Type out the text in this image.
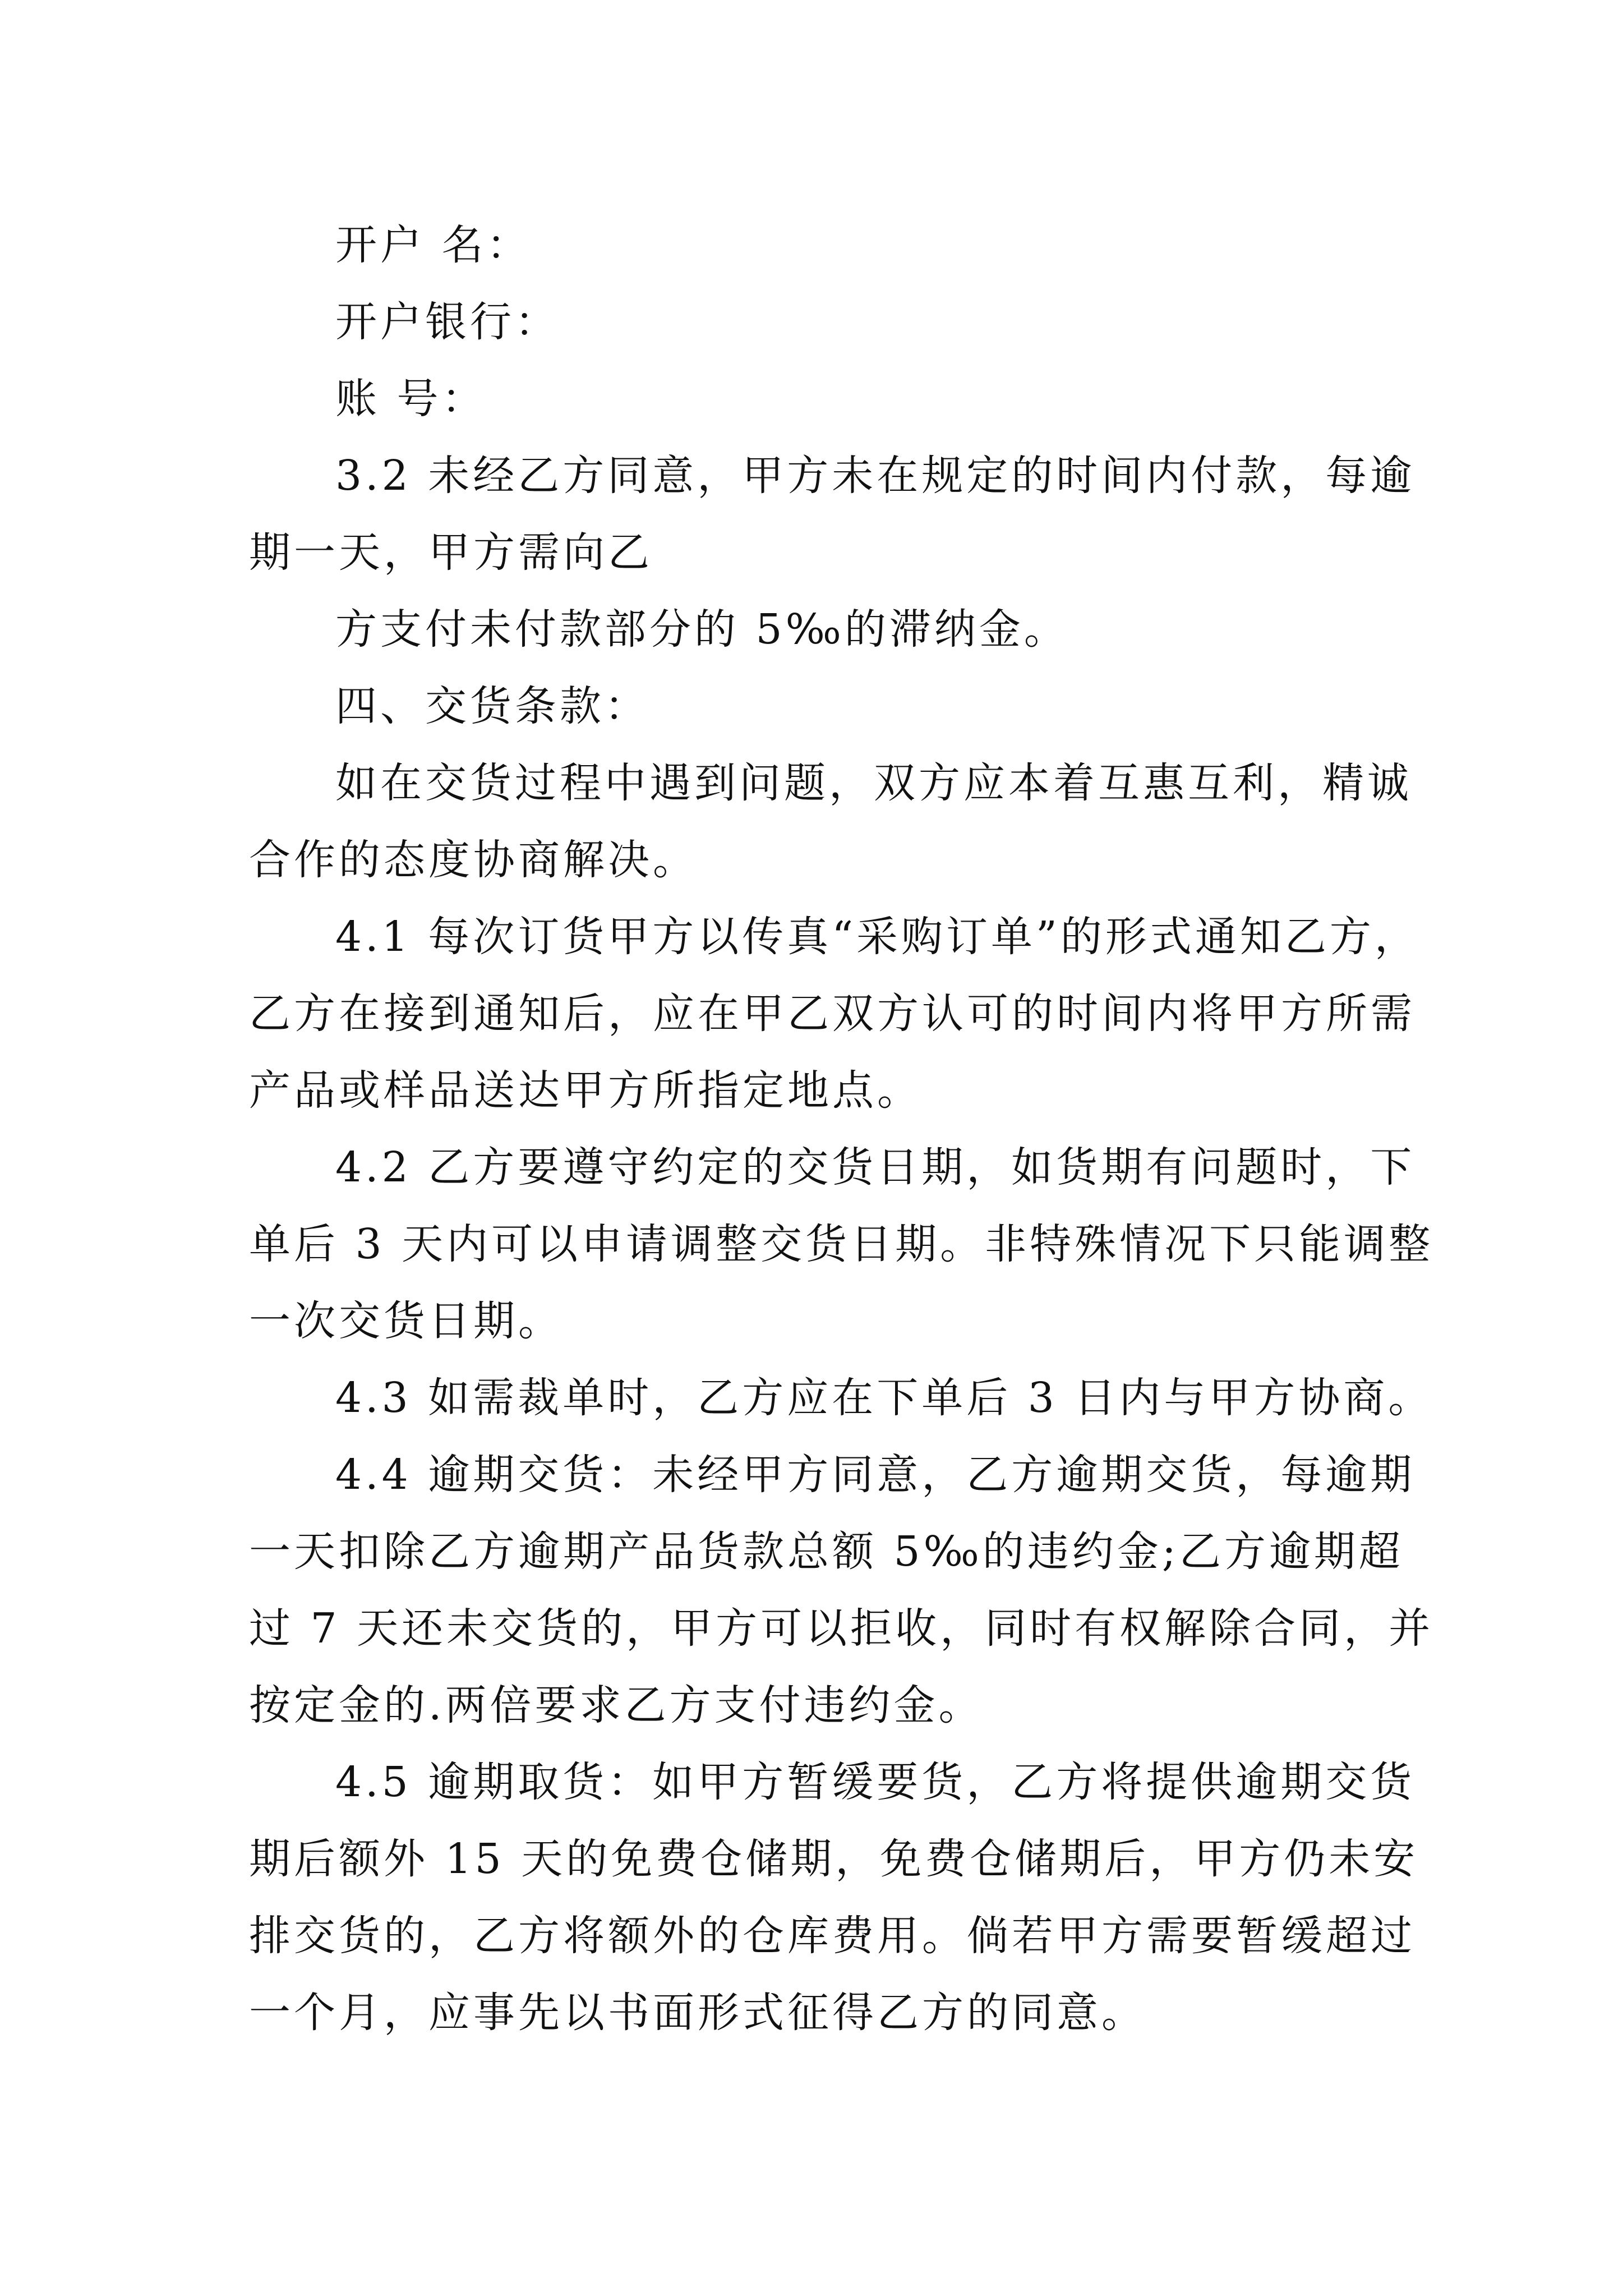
开户 名：
开户银行：
账 号：
3.2 未经乙方同意，甲方未在规定的时间内付款，每逾
期一天，甲方需向乙
方支付未付款部分的 5‰的滞纳金。
四、交货条款：
如在交货过程中遇到问题，双方应本着互惠互利，精诚
合作的态度协商解决。
4.1 每次订货甲方以传真“采购订单”的形式通知乙方，
乙方在接到通知后，应在甲乙双方认可的时间内将甲方所需
产品或样品送达甲方所指定地点。
4.2 乙方要遵守约定的交货日期，如货期有问题时，下
单后 3 天内可以申请调整交货日期。非特殊情况下只能调整
一次交货日期。
4.3 如需裁单时，乙方应在下单后 3 日内与甲方协商。
4.4 逾期交货：未经甲方同意，乙方逾期交货，每逾期
一天扣除乙方逾期产品货款总额 5‰的违约金;乙方逾期超
过 7 天还未交货的，甲方可以拒收，同时有权解除合同，并
按定金的.两倍要求乙方支付违约金。
4.5 逾期取货：如甲方暂缓要货，乙方将提供逾期交货
期后额外 15 天的免费仓储期，免费仓储期后，甲方仍未安
排交货的，乙方将额外的仓库费用。倘若甲方需要暂缓超过
一个月，应事先以书面形式征得乙方的同意。
